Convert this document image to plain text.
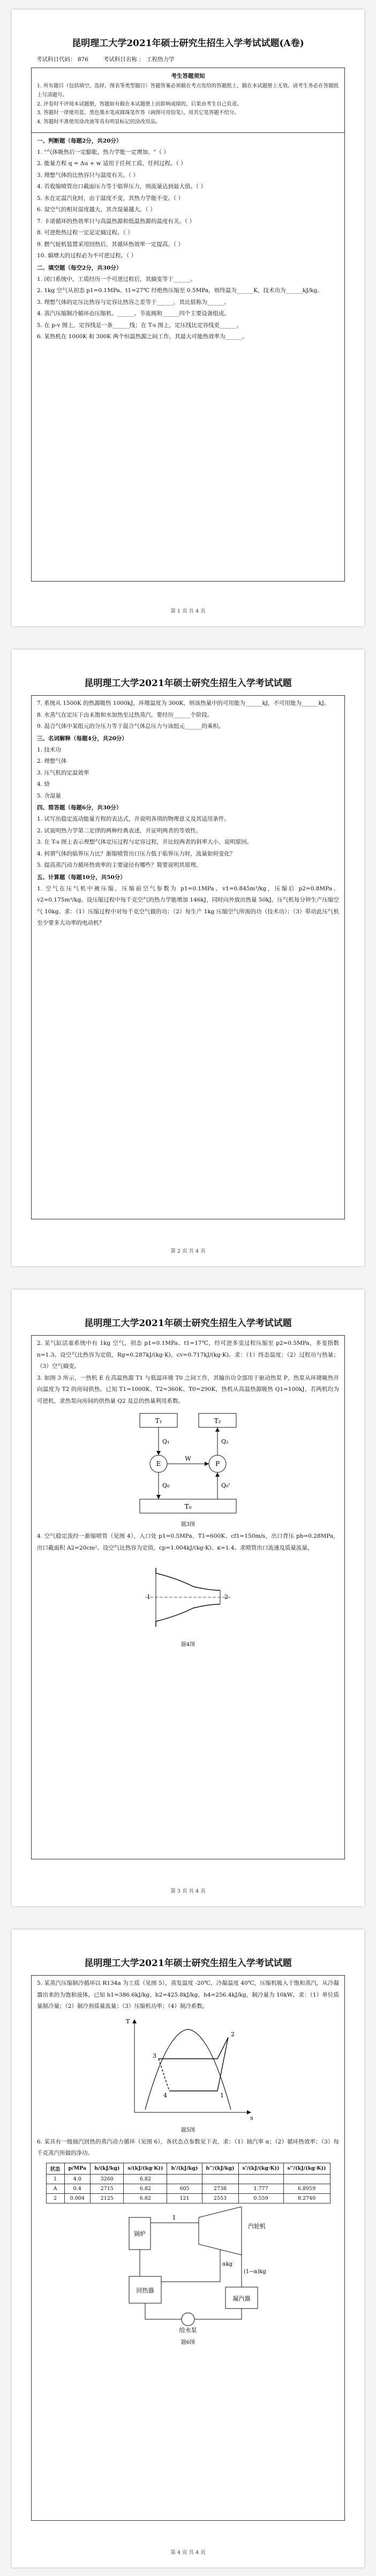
昆明理工大学2021年硕士研究生招生入学考试试题(A卷)
考试科目代码： 876	考试科目名称 ： 工程热力学
考生答题须知
1. 所有题目（包括填空、选择、图表等类型题目）答题答案必须做在考点发给的答题纸上，做在本试题册上无效。请考生务必在答题纸上写清题号。
2. 评卷时不评阅本试题册，答题如有做在本试题册上而影响成绩的，后果由考生自己负责。
3. 答题时一律使用蓝、黑色墨水笔或圆珠笔作答（画图可用铅笔），用其它笔答题不给分。
4. 答题时不准使用涂改液等具有明显标记的涂改用品。

一、判断题（每题2分，共20分）

1. "气体吸热后一定膨胀，热力学能一定增加。"（ ）

2. 能量方程 q = Δu + w 适用于任何工质、任何过程。（ ）

3. 理想气体的比热容只与温度有关。（ ）

4. 若收缩喷管出口截面压力等于临界压力，则流量达到最大值。（ ）

5. 水在定温汽化时，由于温度不变，其热力学能不变。（ ）

6. 湿空气的相对湿度越大，其含湿量越大。（ ）

7. 卡诺循环的热效率只与高温热源和低温热源的温度有关。（ ）

8. 可逆绝热过程一定是定熵过程。（ ）

9. 燃气轮机装置采用回热后，其循环热效率一定提高。（ ）

10. 熵增大的过程必为不可逆过程。（ ）

二、填空题（每空2分，共30分）

1. 闭口系统中，工质经历一个可逆过程后，其熵变等于______。

2. 1kg 空气从初态 p1=0.1MPa、t1=27℃ 经绝热压缩至 0.5MPa，则终温为______K，技术功为______kJ/kg。

3. 理想气体的定压比热容与定容比热容之差等于______，其比值称为______。

4. 蒸汽压缩制冷循环由压缩机、______、节流阀和______四个主要设备组成。

5. 在 p-v 图上，定容线是一条______线；在 T-s 图上，定压线比定容线更______。

6. 某热机在 1000K 和 300K 两个恒温热源之间工作，其最大可能热效率为______。

第 1 页 共 4 页
昆明理工大学2021年硕士研究生招生入学考试试题

7. 系统从 1500K 的热源吸热 1000kJ，环境温度为 300K，则该热量中的可用能为______kJ，不可用能为______kJ。

8. 水蒸气在定压下由未饱和水加热至过热蒸汽，要经历______个阶段。

9. 混合气体中某组元的分压力等于混合气体总压力与该组元______的乘积。

三、名词解释（每题4分，共20分）

1. 技术功

2. 理想气体

3. 压气机的定温效率

4. 焓

5. 含湿量

四、简答题（每题6分，共30分）

1. 试写出稳定流动能量方程的表达式，并说明各项的物理意义及其适用条件。

2. 试说明热力学第二定律的两种经典表述，并证明两者的等效性。

3. 在 T-s 图上表示理想气体定压过程与定容过程，并比较两者的斜率大小，说明原因。

4. 何谓气体的临界压力比？渐缩喷管出口压力低于临界压力时，流量如何变化？

5. 提高蒸汽动力循环热效率的主要途径有哪些？简要说明其原理。

五、计算题（每题10分，共50分）

1. 空气在压气机中被压缩，压缩前空气参数为 p1=0.1MPa、v1=0.845m³/kg，压缩后 p2=0.8MPa、v2=0.175m³/kg。设压缩过程中每千克空气的热力学能增加 146kJ，同时向外放出热量 50kJ。压气机每分钟生产压缩空气 10kg。求：（1）压缩过程中对每千克空气做的功；（2）每生产 1kg 压缩空气所需的功（技术功）；（3）带动此压气机至少要多大功率的电动机？

第 2 页 共 4 页
昆明理工大学2021年硕士研究生招生入学考试试题

2. 某气缸活塞系统中有 1kg 空气，初态 p1=0.1MPa、t1=17℃，经可逆多变过程压缩至 p2=0.5MPa，多变指数 n=1.3。设空气比热容为定值，Rg=0.287kJ/(kg·K)，cv=0.717kJ/(kg·K)。求：（1）终态温度；（2）过程功与热量；（3）空气熵变。

3. 如图 3 所示，一热机 E 在高温热源 T1 与低温环境 T0 之间工作，其输出功全部用于驱动热泵 P，热泵从环境吸热并向温度为 T2 的房间供热。已知 T1=1000K、T2=360K、T0=290K，热机从高温热源吸热 Q1=100kJ，若两机均为可逆机，求热泵向房间的供热量 Q2 及总的热量利用系数。

T₁	T₂
Q₁
E	P
W
Q₂
Q₀	Q₀'
T₀
题3图

4. 空气稳定流经一渐缩喷管（见图 4），入口处 p1=0.5MPa、T1=600K、cf1=150m/s，出口背压 pb=0.28MPa，出口截面积 A2=20cm²。设空气比热容为定值，cp=1.004kJ/(kg·K)、κ=1.4。求喷管出口流速及质量流量。

1	2
题4图
第 3 页 共 4 页
昆明理工大学2021年硕士研究生招生入学考试试题

5. 某蒸汽压缩制冷循环以 R134a 为工质（见图 5），蒸发温度 -20℃，冷凝温度 40℃，压缩机吸入干饱和蒸汽，从冷凝器出来的为饱和液体。已知 h1=386.6kJ/kg、h2=425.8kJ/kg、h4=256.4kJ/kg，制冷量为 10kW。求：（1）单位质量制冷量；（2）制冷剂质量流量；（3）压缩机功率；（4）制冷系数。

s
T
1
2
3
4
题5图

6. 某具有一级抽汽回热的蒸汽动力循环（见图 6），各状态点参数见下表，求：（1）抽汽率 α；（2）循环热效率；（3）每千克蒸汽所做的净功。

状态	p/MPa	h/(kJ/kg)	s/(kJ/(kg·K))	h'/(kJ/kg)	h''/(kJ/kg)	s'/(kJ/(kg·K))	s''/(kJ/(kg·K))
1	4.0	3260	6.82				
A	0.4	2715	6.82	605	2738	1.777	6.8959
2	0.004	2125	6.82	121	2553	0.559	8.2740
锅炉
汽轮机
1
αkg
(1−α)kg
凝汽器
回热器
给水泵
题6图
第 4 页 共 4 页
